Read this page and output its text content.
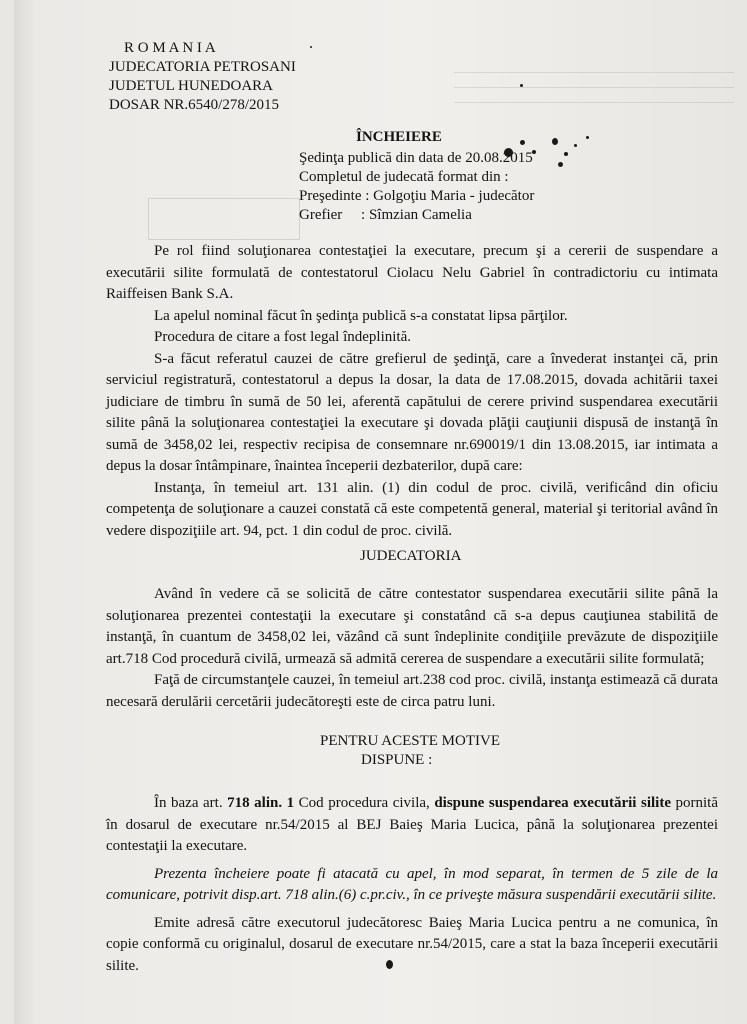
R O M A N I A
JUDECATORIA PETROSANI
JUDETUL HUNEDOARA
DOSAR NR.6540/278/2015
ÎNCHEIERE
Şedinţa publică din data de 20.08.2015
Completul de judecată format din :
Preşedinte : Golgoţiu Maria - judecător
Grefier     : Sîmzian Camelia

Pe rol fiind soluţionarea contestaţiei la executare, precum şi a cererii de suspendare a executării silite formulată de contestatorul Ciolacu Nelu Gabriel în contradictoriu cu intimata Raiffeisen Bank S.A.

La apelul nominal făcut în şedinţa publică s-a constatat lipsa părţilor.

Procedura de citare a fost legal îndeplinită.

S-a făcut referatul cauzei de către grefierul de şedinţă, care a învederat instanţei că, prin serviciul registratură, contestatorul a depus la dosar, la data de 17.08.2015, dovada achitării taxei judiciare de timbru în sumă de 50 lei, aferentă capătului de cerere privind suspendarea executării silite până la soluţionarea contestaţiei la executare şi dovada plăţii cauţiunii dispusă de instanţă în sumă de 3458,02 lei, respectiv recipisa de consemnare nr.690019/1 din 13.08.2015, iar intimata a depus la dosar întâmpinare, înaintea începerii dezbaterilor, după care:

Instanţa, în temeiul art. 131 alin. (1) din codul de proc. civilă, verificând din oficiu competenţa de soluţionare a cauzei constată că este competentă general, material şi teritorial având în vedere dispoziţiile art. 94, pct. 1 din codul de proc. civilă.

JUDECATORIA

Având în vedere că se solicită de către contestator suspendarea executării silite până la soluţionarea prezentei contestaţii la executare şi constatând că s-a depus cauţiunea stabilită de instanţă, în cuantum de 3458,02 lei, văzând că sunt îndeplinite condiţiile prevăzute de dispoziţiile art.718 Cod procedură civilă, urmează să admită cererea de suspendare a executării silite formulată;

Faţă de circumstanţele cauzei, în temeiul art.238 cod proc. civilă, instanţa estimează că durata necesară derulării cercetării judecătoreşti este de circa patru luni.

PENTRU ACESTE MOTIVE
DISPUNE :

În baza art. 718 alin. 1 Cod procedura civila, dispune suspendarea executării silite pornită în dosarul de executare nr.54/2015 al BEJ Baieş Maria Lucica, până la soluţionarea prezentei contestaţii la executare.

Prezenta încheiere poate fi atacată cu apel, în mod separat, în termen de 5 zile de la comunicare, potrivit disp.art. 718 alin.(6) c.pr.civ., în ce priveşte măsura suspendării executării silite.

Emite adresă către executorul judecătoresc Baieş Maria Lucica pentru a ne comunica, în copie conformă cu originalul, dosarul de executare nr.54/2015, care a stat la baza începerii executării silite.
